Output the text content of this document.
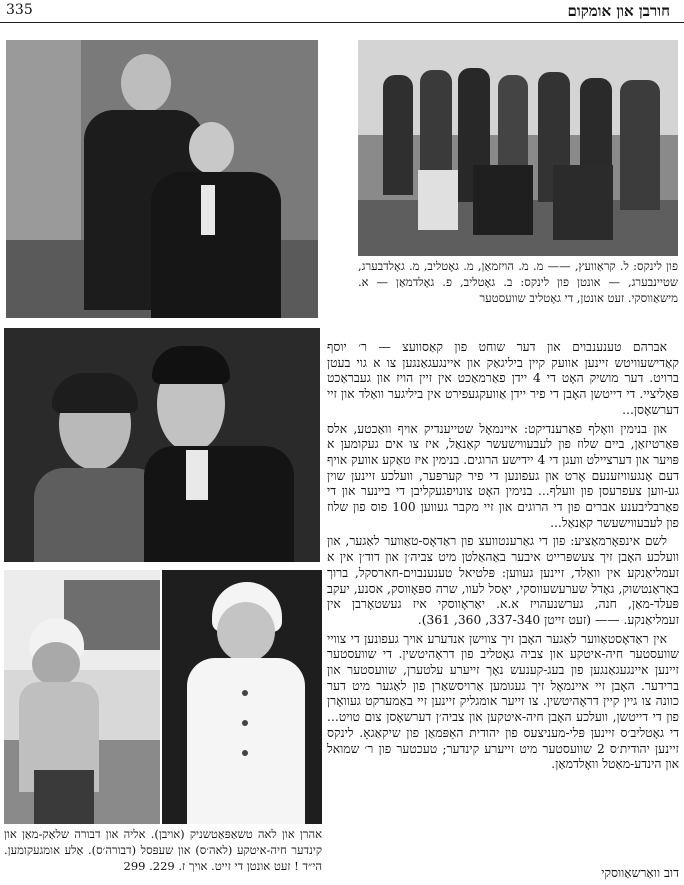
335	חורבן און אומקום
פון לינקס: ל. קראַוועץ, —— מ. מ. הויזמאַן, מ. גאָטליב, מ. גאָלדבערג, שטיינבערג, — אונטן פון לינקס: ב. גאָטליב, פ. גאָלדמאַן — א. מישאַווסקי. זעט אונטן, די גאָטליב שוועסטער

אברהם טענענבוים און דער שוחט פון קאַסוועצ — ר׳ יוסף קאַדישעוויטש זיינען אוועק קיין ביליגאַק און איינגעגאַנגען צו א גוי בעטן ברויט. דער מושיק האָט די 4 יידן פאַרמאַכט אין זיין הויז און געבראַכט פּאָליציי. די דייטשן האָבן די פיר יידן אַוועקגעפירט אין ביליגער וואַלד און זיי דערשאָסן...

און בנימין וואָלף פאַרענדיקט: איינמאָל שטייענדיק אויף וואַכטע, אלס פּאַרטיזאַן, ביים שלוז פון לעבעווישעשר קאַנאַל, איז צו אים געקומען א פּויער און דערציילט וועגן די 4 יידישע הרוגים. בנימין איז טאַקע אוועק אויף דעם אָנגעוויזענעם אָרט און געפונען די פיר קערפּער, וועלכע זיינען שוין גע-ווען צעפרעסן פון וועלף... בנימין האָט צונויפגעקליבן די ביינער און די פאַרבליבענע אברים פון די הרוגים און זיי מקבר געווען 100 פוס פון שלוז פון לעבעווישעשר קאַנאַל...

לשם אינפאָרמאַציע: פון די גאַרענטוועצ פון ראַדאָס-טאַווער לאַגער, און וועלכע האָבן זיך צעשפּרייט איבער באַהאַלטן מיט צביה׳ן און דוד׳ן אין א זעמליאַנקע אין וואַלד, זיינען געווען: פּלטיאל טענענבוים-חארסקל, ברוך באָראַנטשוק, גאָדל שערעשעווסקי, יאָסל לעוו, שרה ספּאָווסק, אסנע, יעקב פּעלד-מאַן, חנה, גערשנעהויז א.א. יאַראָווסקי איז געשטאָרבן אין זעמליאַנקע. —— (זעט זייטן 337-340, 360, 361).

אין ראַדאָסטאַווער לאַגער האָבן זיך צווישן אנדערע אויך געפונען די צוויי שוועסטער חיה-איטקע און צביה גאָטליב פון דראָהיטשין. די שוועסטער זיינען איינגעגאַנגען פון בעג-קענעש נאָך זייערע עלטערן, שוועסטער און ברידער. האָבן זיי איינמאָל זיך געגומען אַרויסשאַרן פון לאַגער מיט דער כוונה צו גיין קיין דראָהיטשין. צו זייער אומגליק זיינען זיי באַמערקט געוואָרן פון די דייטשן, וועלכע האָבן חיה-איטקען און צביה׳ן דערשאָסן צום טויט... די גאָטליב׳ס זיינען פּלי-מעניצעס פון יהודית האַפּמאַן פון שיקאַגאָ. לינקס זיינען יהודית׳ס 2 שוועסטער מיט זייערע קינדער; טעכטער פון ר׳ שמואל און הינדע-מאַטל וואָלדמאַן.

דוב וואַרשאַווסקי
אהרן און לאה טשאַפּאַטשניק (אויבן). אליה און דבורה שלאַק-מאַן און קינדער חיה-איטקע (לאה׳ס) און שעפּסל (דבורה׳ס). אַלע אומגעקומען. הי״ד ! זעט אונטן די זייט. אויך ז. 229. 299
